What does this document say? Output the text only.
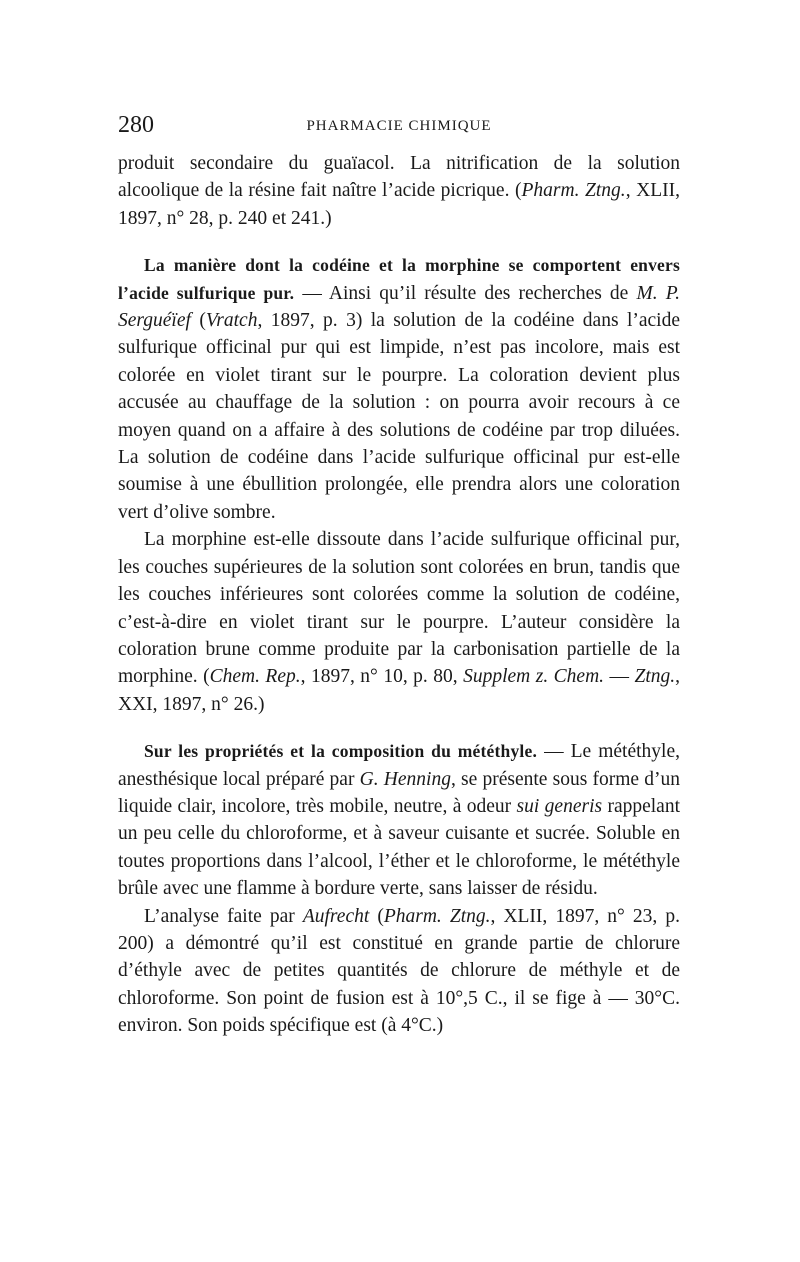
280	PHARMACIE CHIMIQUE

produit secondaire du guaïacol. La nitrification de la solution alcoolique de la résine fait naître l’acide picrique. (Pharm. Ztng., XLII, 1897, n° 28, p. 240 et 241.)

La manière dont la codéine et la morphine se comportent envers l’acide sulfurique pur. — Ainsi qu’il résulte des recherches de M. P. Serguéïef (Vratch, 1897, p. 3) la solution de la codéine dans l’acide sulfurique officinal pur qui est limpide, n’est pas incolore, mais est colorée en violet tirant sur le pourpre. La coloration devient plus accusée au chauffage de la solution : on pourra avoir recours à ce moyen quand on a affaire à des solutions de codéine par trop diluées. La solution de codéine dans l’acide sulfurique officinal pur est-elle soumise à une ébullition prolongée, elle prendra alors une coloration vert d’olive sombre.

La morphine est-elle dissoute dans l’acide sulfurique officinal pur, les couches supérieures de la solution sont colorées en brun, tandis que les couches inférieures sont colorées comme la solution de codéine, c’est-à-dire en violet tirant sur le pourpre. L’auteur considère la coloration brune comme produite par la carbonisation partielle de la morphine. (Chem. Rep., 1897, n° 10, p. 80, Supplem z. Chem. — Ztng., XXI, 1897, n° 26.)

Sur les propriétés et la composition du météthyle. — Le météthyle, anesthésique local préparé par G. Henning, se présente sous forme d’un liquide clair, incolore, très mobile, neutre, à odeur sui generis rappelant un peu celle du chloroforme, et à saveur cuisante et sucrée. Soluble en toutes proportions dans l’alcool, l’éther et le chloroforme, le météthyle brûle avec une flamme à bordure verte, sans laisser de résidu.

L’analyse faite par Aufrecht (Pharm. Ztng., XLII, 1897, n° 23, p. 200) a démontré qu’il est constitué en grande partie de chlorure d’éthyle avec de petites quantités de chlorure de méthyle et de chloroforme. Son point de fusion est à 10°,5 C., il se fige à — 30°C. environ. Son poids spécifique est (à 4°C.)
